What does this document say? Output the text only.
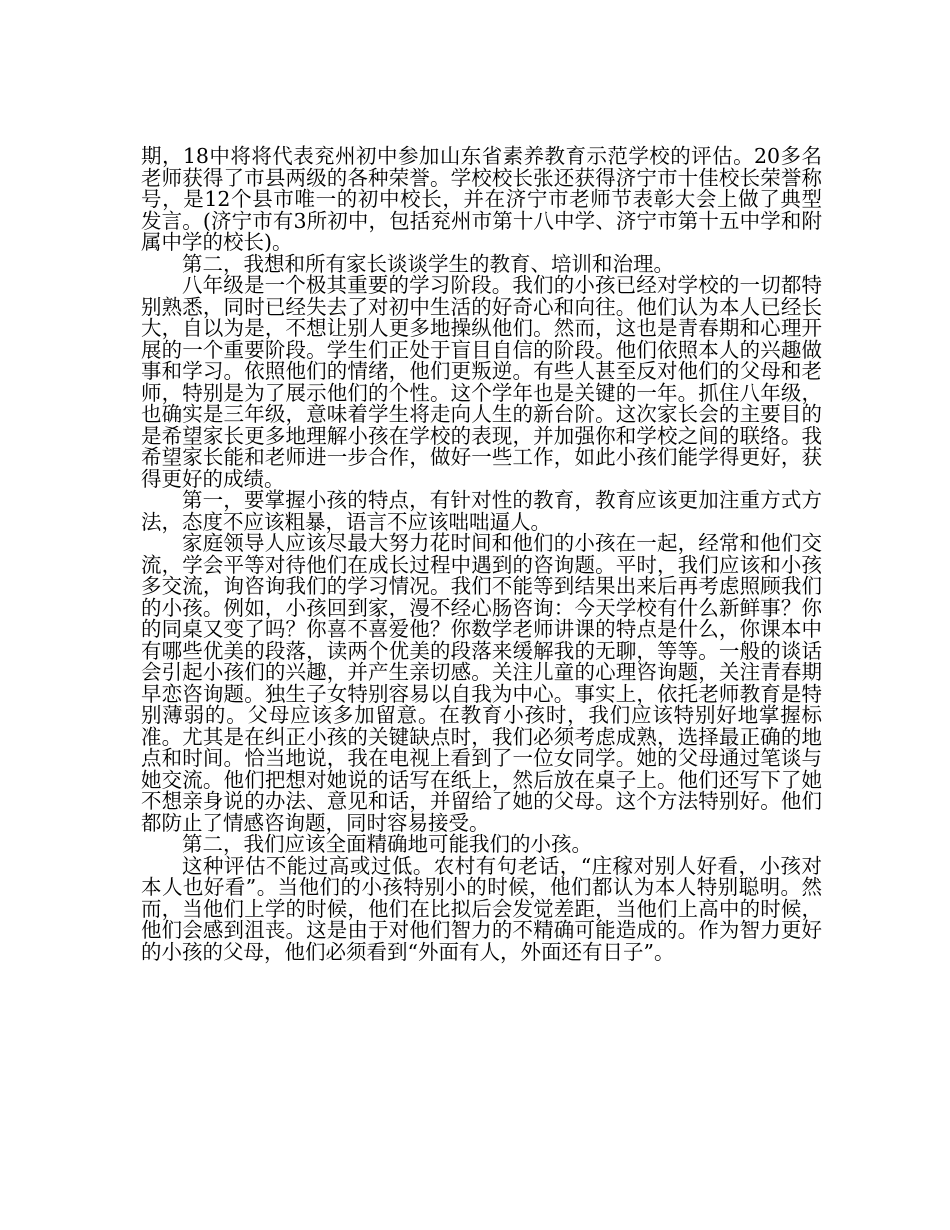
期，18中将将代表兖州初中参加山东省素养教育示范学校的评估。20多名老师获得了市县两级的各种荣誉。学校校长张还获得济宁市十佳校长荣誉称号，是12个县市唯一的初中校长，并在济宁市老师节表彰大会上做了典型发言。(济宁市有3所初中，包括兖州市第十八中学、济宁市第十五中学和附属中学的校长)。

第二，我想和所有家长谈谈学生的教育、培训和治理。

八年级是一个极其重要的学习阶段。我们的小孩已经对学校的一切都特别熟悉，同时已经失去了对初中生活的好奇心和向往。他们认为本人已经长大，自以为是，不想让别人更多地操纵他们。然而，这也是青春期和心理开展的一个重要阶段。学生们正处于盲目自信的阶段。他们依照本人的兴趣做事和学习。依照他们的情绪，他们更叛逆。有些人甚至反对他们的父母和老师，特别是为了展示他们的个性。这个学年也是关键的一年。抓住八年级，也确实是三年级，意味着学生将走向人生的新台阶。这次家长会的主要目的是希望家长更多地理解小孩在学校的表现，并加强你和学校之间的联络。我希望家长能和老师进一步合作，做好一些工作，如此小孩们能学得更好，获得更好的成绩。

第一，要掌握小孩的特点，有针对性的教育，教育应该更加注重方式方法，态度不应该粗暴，语言不应该咄咄逼人。

家庭领导人应该尽最大努力花时间和他们的小孩在一起，经常和他们交流，学会平等对待他们在成长过程中遇到的咨询题。平时，我们应该和小孩多交流，询咨询我们的学习情况。我们不能等到结果出来后再考虑照顾我们的小孩。例如，小孩回到家，漫不经心肠咨询：今天学校有什么新鲜事？你的同桌又变了吗？你喜不喜爱他？你数学老师讲课的特点是什么，你课本中有哪些优美的段落，读两个优美的段落来缓解我的无聊，等等。一般的谈话会引起小孩们的兴趣，并产生亲切感。关注儿童的心理咨询题，关注青春期早恋咨询题。独生子女特别容易以自我为中心。事实上，依托老师教育是特别薄弱的。父母应该多加留意。在教育小孩时，我们应该特别好地掌握标准。尤其是在纠正小孩的关键缺点时，我们必须考虑成熟，选择最正确的地点和时间。恰当地说，我在电视上看到了一位女同学。她的父母通过笔谈与她交流。他们把想对她说的话写在纸上，然后放在桌子上。他们还写下了她不想亲身说的办法、意见和话，并留给了她的父母。这个方法特别好。他们都防止了情感咨询题，同时容易接受。

第二，我们应该全面精确地可能我们的小孩。

这种评估不能过高或过低。农村有句老话，“庄稼对别人好看，小孩对本人也好看”。当他们的小孩特别小的时候，他们都认为本人特别聪明。然而，当他们上学的时候，他们在比拟后会发觉差距，当他们上高中的时候，他们会感到沮丧。这是由于对他们智力的不精确可能造成的。作为智力更好的小孩的父母，他们必须看到“外面有人，外面还有日子”。
